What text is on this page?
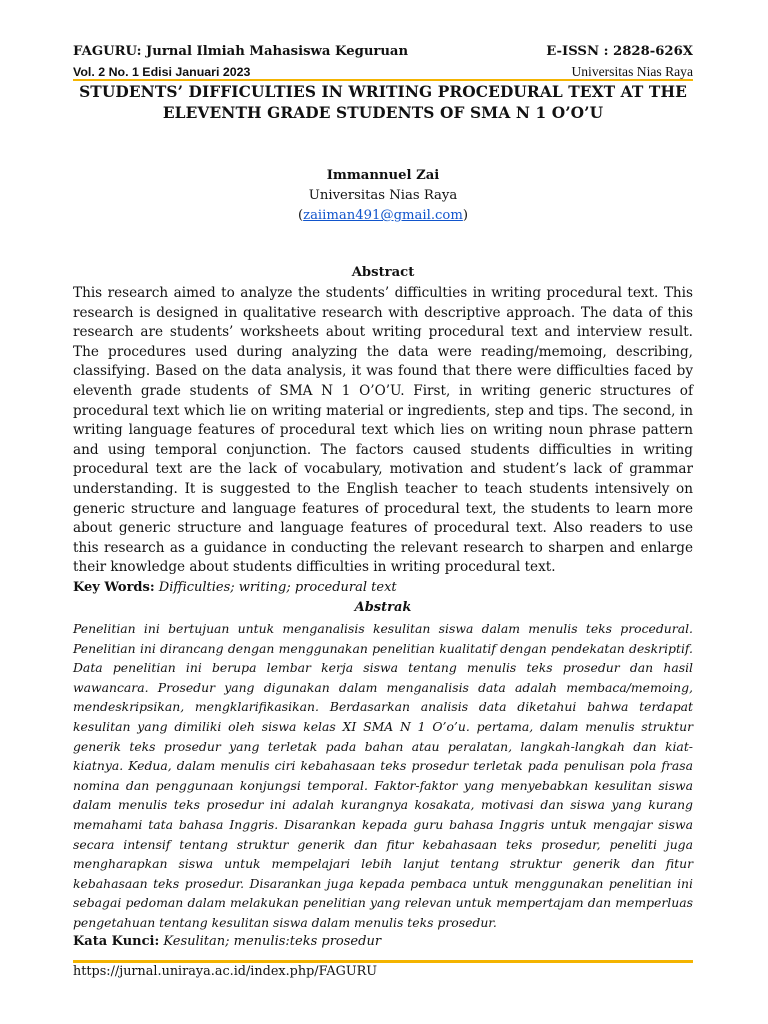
FAGURU: Jurnal Ilmiah Mahasiswa Keguruan	E-ISSN : 2828-626X
Vol. 2 No. 1 Edisi Januari 2023	Universitas Nias Raya
STUDENTS’ DIFFICULTIES IN WRITING PROCEDURAL TEXT AT THE ELEVENTH GRADE STUDENTS OF SMA N 1 O’O’U
Immannuel Zai
Universitas Nias Raya
(zaiiman491@gmail.com)
Abstract

This research aimed to analyze the students’ difficulties in writing procedural text. This research is designed in qualitative research with descriptive approach. The data of this research are students’ worksheets about writing procedural text and interview result. The procedures used during analyzing the data were reading/memoing, describing, classifying. Based on the data analysis, it was found that there were difficulties faced by eleventh grade students of SMA N 1 O’O’U. First, in writing generic structures of procedural text which lie on writing material or ingredients, step and tips. The second, in writing language features of procedural text which lies on writing noun phrase pattern and using temporal conjunction. The factors caused students difficulties in writing procedural text are the lack of vocabulary, motivation and student’s lack of grammar understanding. It is suggested to the English teacher to teach students intensively on generic structure and language features of procedural text, the students to learn more about generic structure and language features of procedural text. Also readers to use this research as a guidance in conducting the relevant research to sharpen and enlarge their knowledge about students difficulties in writing procedural text.

Key Words: Difficulties; writing; procedural text
Abstrak

Penelitian ini bertujuan untuk menganalisis kesulitan siswa dalam menulis teks procedural. Penelitian ini dirancang dengan menggunakan penelitian kualitatif dengan pendekatan deskriptif. Data penelitian ini berupa lembar kerja siswa tentang menulis teks prosedur dan hasil wawancara. Prosedur yang digunakan dalam menganalisis data adalah membaca/memoing, mendeskripsikan, mengklarifikasikan. Berdasarkan analisis data diketahui bahwa terdapat kesulitan yang dimiliki oleh siswa kelas XI SMA N 1 O’o’u. pertama, dalam menulis struktur generik teks prosedur yang terletak pada bahan atau peralatan, langkah-langkah dan kiat-kiatnya. Kedua, dalam menulis ciri kebahasaan teks prosedur terletak pada penulisan pola frasa nomina dan penggunaan konjungsi temporal. Faktor-faktor yang menyebabkan kesulitan siswa dalam menulis teks prosedur ini adalah kurangnya kosakata, motivasi dan siswa yang kurang memahami tata bahasa Inggris. Disarankan kepada guru bahasa Inggris untuk mengajar siswa secara intensif tentang struktur generik dan fitur kebahasaan teks prosedur, peneliti juga mengharapkan siswa untuk mempelajari lebih lanjut tentang struktur generik dan fitur kebahasaan teks prosedur. Disarankan juga kepada pembaca untuk menggunakan penelitian ini sebagai pedoman dalam melakukan penelitian yang relevan untuk mempertajam dan memperluas pengetahuan tentang kesulitan siswa dalam menulis teks prosedur.

Kata Kunci: Kesulitan; menulis:teks prosedur
https://jurnal.uniraya.ac.id/index.php/FAGURU
